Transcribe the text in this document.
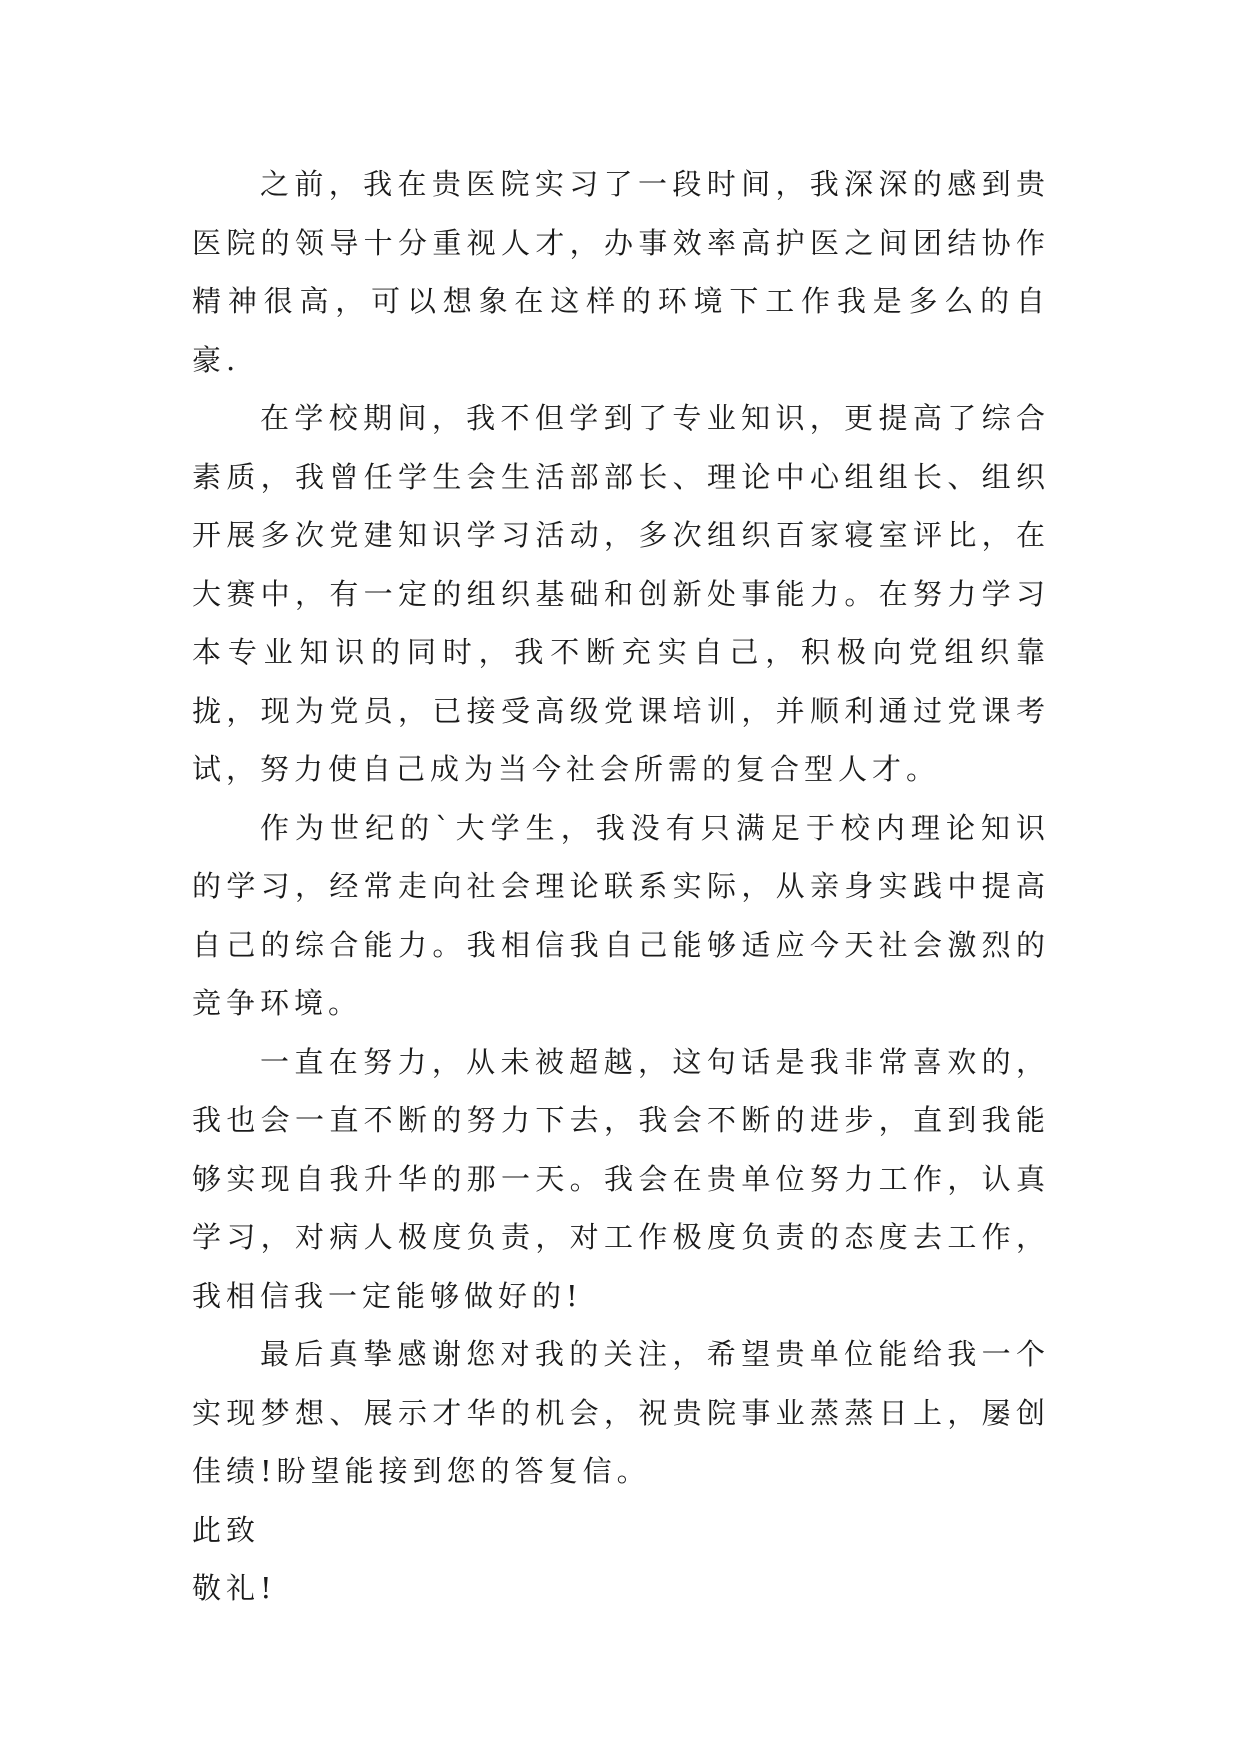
之前，我在贵医院实习了一段时间，我深深的感到贵医院的领导十分重视人才，办事效率高护医之间团结协作精神很高，可以想象在这样的环境下工作我是多么的自豪.

在学校期间，我不但学到了专业知识，更提高了综合素质，我曾任学生会生活部部长、理论中心组组长、组织开展多次党建知识学习活动，多次组织百家寝室评比，在大赛中，有一定的组织基础和创新处事能力。在努力学习本专业知识的同时，我不断充实自己，积极向党组织靠拢，现为党员，已接受高级党课培训，并顺利通过党课考试，努力使自己成为当今社会所需的复合型人才。

作为世纪的`大学生，我没有只满足于校内理论知识的学习，经常走向社会理论联系实际，从亲身实践中提高自己的综合能力。我相信我自己能够适应今天社会激烈的竞争环境。

一直在努力，从未被超越，这句话是我非常喜欢的，我也会一直不断的努力下去，我会不断的进步，直到我能够实现自我升华的那一天。我会在贵单位努力工作，认真学习，对病人极度负责，对工作极度负责的态度去工作，我相信我一定能够做好的!

最后真挚感谢您对我的关注，希望贵单位能给我一个实现梦想、展示才华的机会，祝贵院事业蒸蒸日上，屡创佳绩!盼望能接到您的答复信。

此致

敬礼!
